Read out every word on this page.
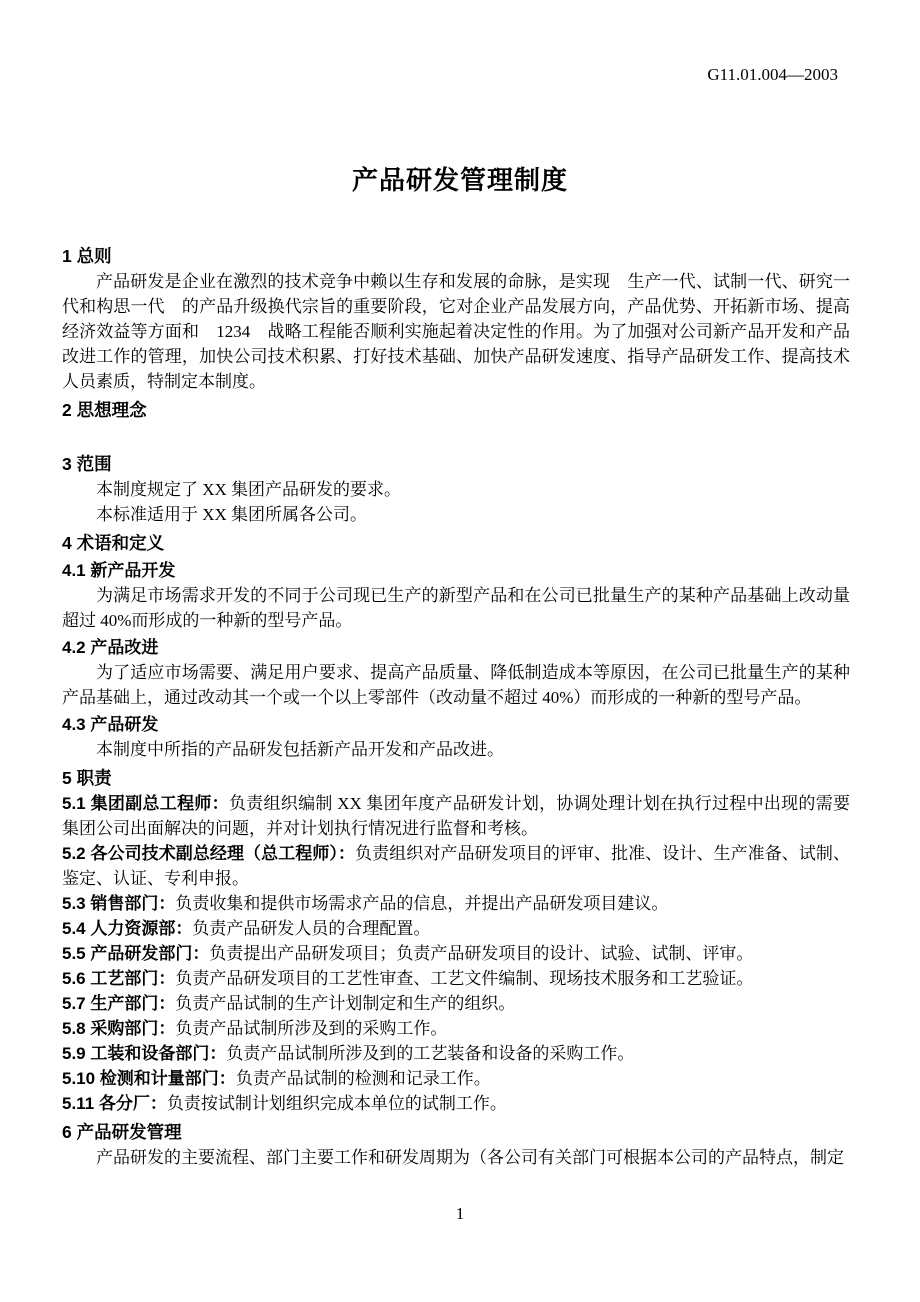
G11.01.004—2003
产品研发管理制度
1 总则

产品研发是企业在激烈的技术竞争中赖以生存和发展的命脉，是实现　生产一代、试制一代、研究一代和构思一代　的产品升级换代宗旨的重要阶段，它对企业产品发展方向，产品优势、开拓新市场、提高经济效益等方面和　1234　战略工程能否顺利实施起着决定性的作用。为了加强对公司新产品开发和产品改进工作的管理，加快公司技术积累、打好技术基础、加快产品研发速度、指导产品研发工作、提高技术人员素质，特制定本制度。

2 思想理念
3 范围

本制度规定了 XX 集团产品研发的要求。

本标准适用于 XX 集团所属各公司。

4 术语和定义
4.1 新产品开发

为满足市场需求开发的不同于公司现已生产的新型产品和在公司已批量生产的某种产品基础上改动量超过 40%而形成的一种新的型号产品。

4.2 产品改进

为了适应市场需要、满足用户要求、提高产品质量、降低制造成本等原因，在公司已批量生产的某种产品基础上，通过改动其一个或一个以上零部件（改动量不超过 40%）而形成的一种新的型号产品。

4.3 产品研发

本制度中所指的产品研发包括新产品开发和产品改进。

5 职责

5.1 集团副总工程师：负责组织编制 XX 集团年度产品研发计划，协调处理计划在执行过程中出现的需要集团公司出面解决的问题，并对计划执行情况进行监督和考核。

5.2 各公司技术副总经理（总工程师）：负责组织对产品研发项目的评审、批准、设计、生产准备、试制、鉴定、认证、专利申报。

5.3 销售部门：负责收集和提供市场需求产品的信息，并提出产品研发项目建议。

5.4 人力资源部：负责产品研发人员的合理配置。

5.5 产品研发部门：负责提出产品研发项目；负责产品研发项目的设计、试验、试制、评审。

5.6 工艺部门：负责产品研发项目的工艺性审查、工艺文件编制、现场技术服务和工艺验证。

5.7 生产部门：负责产品试制的生产计划制定和生产的组织。

5.8 采购部门：负责产品试制所涉及到的采购工作。

5.9 工装和设备部门：负责产品试制所涉及到的工艺装备和设备的采购工作。

5.10 检测和计量部门：负责产品试制的检测和记录工作。

5.11 各分厂：负责按试制计划组织完成本单位的试制工作。

6 产品研发管理

产品研发的主要流程、部门主要工作和研发周期为（各公司有关部门可根据本公司的产品特点，制定

1
